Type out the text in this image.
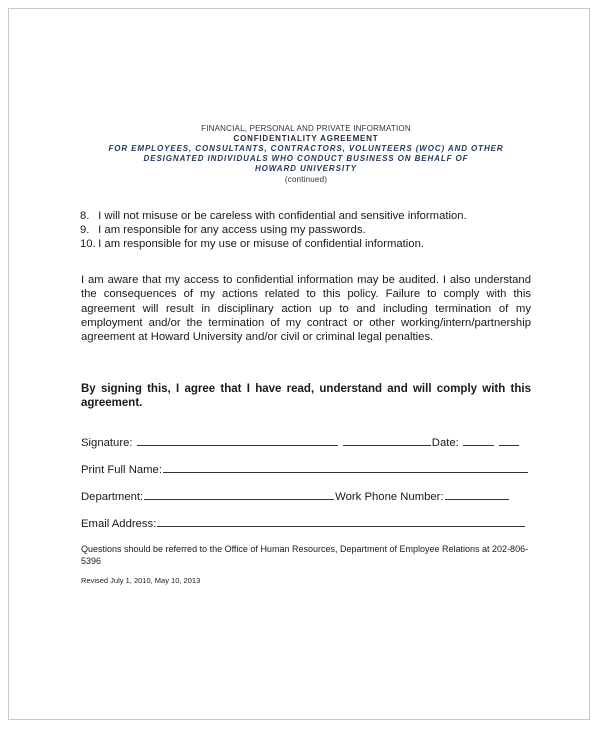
FINANCIAL, PERSONAL AND PRIVATE INFORMATION
CONFIDENTIALITY AGREEMENT
FOR EMPLOYEES, CONSULTANTS, CONTRACTORS, VOLUNTEERS (WOC) AND OTHER
DESIGNATED INDIVIDUALS WHO CONDUCT BUSINESS ON BEHALF OF
HOWARD UNIVERSITY
(continued)
8. I will not misuse or be careless with confidential and sensitive information.
9. I am responsible for any access using my passwords.
10. I am responsible for my use or misuse of confidential information.
I am aware that my access to confidential information may be audited. I also understand the consequences of my actions related to this policy. Failure to comply with this agreement will result in disciplinary action up to and including termination of my employment and/or the termination of my contract or other working/intern/partnership agreement at Howard University and/or civil or criminal legal penalties.
By signing this, I agree that I have read, understand and will comply with this agreement.
Signature:	Date:
Print Full Name:
Department:	Work Phone Number:
Email Address:
Questions should be referred to the Office of Human Resources, Department of Employee Relations at 202-806-5396
Revised July 1, 2010, May 10, 2013
